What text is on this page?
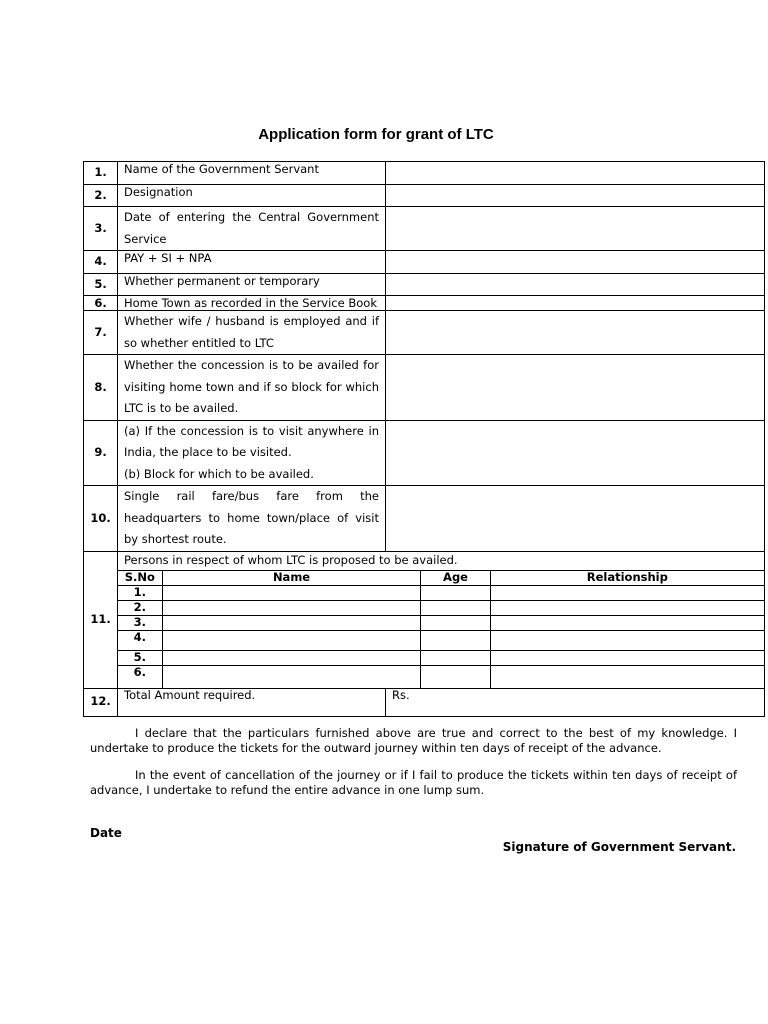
Application form for grant of LTC
1.	Name of the Government Servant

2.	Designation

3.	
Date of entering the Central Government Service

4.	PAY + SI + NPA

5.	Whether permanent or temporary

6.	Home Town as recorded in the Service Book

7.	
Whether wife / husband is employed and if so whether entitled to LTC

8.	
Whether the concession is to be availed for visiting home town and if so block for which LTC is to be availed.

9.	
(a) If the concession is to visit anywhere in India, the place to be visited.
(b) Block for which to be availed.

10.	
Single rail fare/bus fare from the headquarters to home town/place of visit by shortest route.

11.	
Persons in respect of whom LTC is proposed to be availed.
S.No	Name	Age	Relationship
1.			
2.			
3.			
4.			
5.			
6.			

12.	Total Amount required.	Rs.
I declare that the particulars furnished above are true and correct to the best of my knowledge. I undertake to produce the tickets for the outward journey within ten days of receipt of the advance.
In the event of cancellation of the journey or if I fail to produce the tickets within ten days of receipt of advance, I undertake to refund the entire advance in one lump sum.
Date
Signature of Government Servant.
